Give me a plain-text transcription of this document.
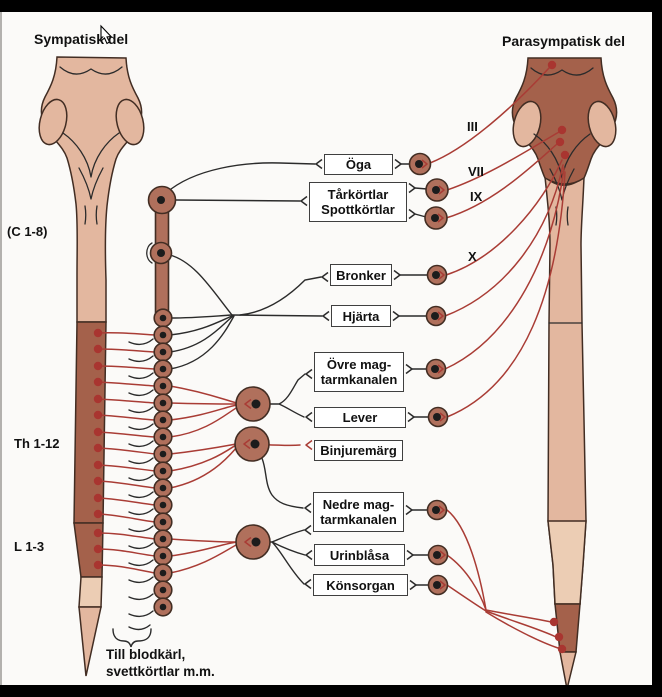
Sympatisk del	Parasympatisk del
(C 1-8)
Th 1-12
L 1-3
III
VII
IX
X
Öga
Tårkörtlar
Spottkörtlar
Bronker
Hjärta
Övre mag-
tarmkanalen
Lever
Binjuremärg
Nedre mag-
tarmkanalen
Urinblåsa
Könsorgan
Till blodkärl,
svettkörtlar m.m.
